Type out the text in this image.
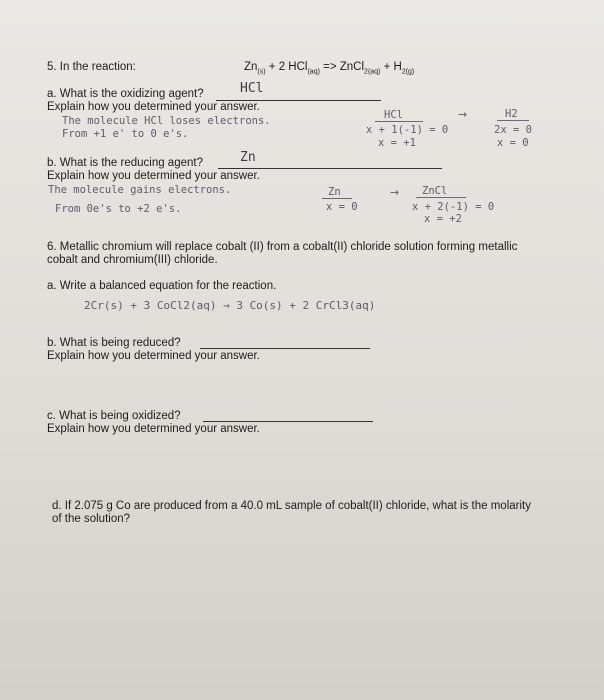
5. In the reaction:	$Zn_{(s)} + 2$ HCl$_{(aq)}$ => ZnCl$_{2(aq)}$ + $H_{2(g)}$
a. What is the oxidizing agent?	HCl
Explain how you determined your answer.
The molecule HCl loses electrons.
From +1 e' to 0 e's.
HCl
x + 1(-1) = 0
x = +1
→	H2
2x = 0
x = 0
b. What is the reducing agent?	Zn
Explain how you determined your answer.
The molecule gains electrons.
From 0e's to +2 e's.
Zn
x = 0
→ ZnCl
x + 2(-1) = 0
x = +2
6. Metallic chromium will replace cobalt (II) from a cobalt(II) chloride solution forming metallic
cobalt and chromium(III) chloride.
a. Write a balanced equation for the reaction.
2Cr(s) + 3 CoCl2(aq) → 3 Co(s) + 2 CrCl3(aq)
b. What is being reduced?
Explain how you determined your answer.
c. What is being oxidized?
Explain how you determined your answer.
d. If 2.075 g Co are produced from a 40.0 mL sample of cobalt(II) chloride, what is the molarity
of the solution?
